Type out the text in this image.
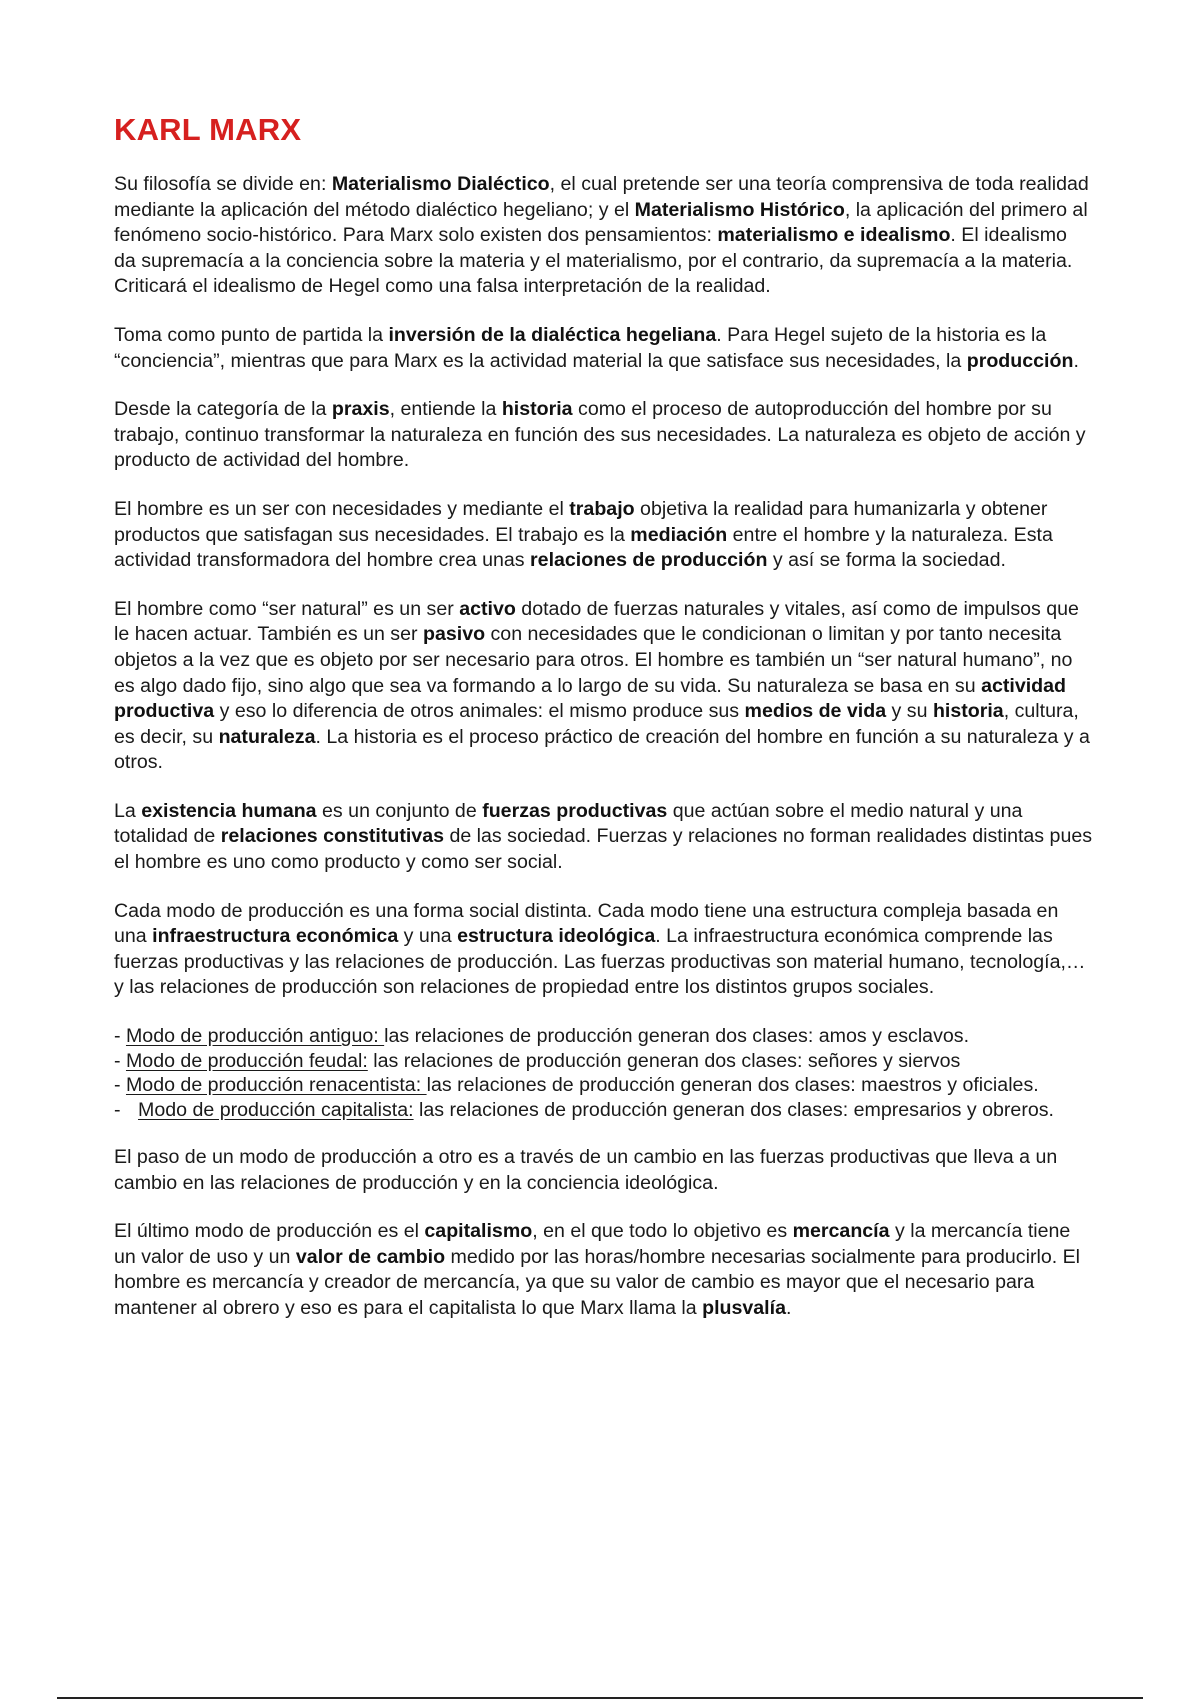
KARL MARX

Su filosofía se divide en: Materialismo Dialéctico, el cual pretende ser una teoría comprensiva de toda realidad mediante la aplicación del método dialéctico hegeliano; y el Materialismo Histórico, la aplicación del primero al fenómeno socio-histórico. Para Marx solo existen dos pensamientos: materialismo e idealismo. El idealismo da supremacía a la conciencia sobre la materia y el materialismo, por el contrario, da supremacía a la materia. Criticará el idealismo de Hegel como una falsa interpretación de la realidad.

Toma como punto de partida la inversión de la dialéctica hegeliana. Para Hegel sujeto de la historia es la “conciencia”, mientras que para Marx es la actividad material la que satisface sus necesidades, la producción.

Desde la categoría de la praxis, entiende la historia como el proceso de autoproducción del hombre por su trabajo, continuo transformar la naturaleza en función des sus necesidades. La naturaleza es objeto de acción y producto de actividad del hombre.

El hombre es un ser con necesidades y mediante el trabajo objetiva la realidad para humanizarla y obtener productos que satisfagan sus necesidades. El trabajo es la mediación entre el hombre y la naturaleza. Esta actividad transformadora del hombre crea unas relaciones de producción y así se forma la sociedad.

El hombre como “ser natural” es un ser activo dotado de fuerzas naturales y vitales, así como de impulsos que le hacen actuar. También es un ser pasivo con necesidades que le condicionan o limitan y por tanto necesita objetos a la vez que es objeto por ser necesario para otros. El hombre es también un “ser natural humano”, no es algo dado fijo, sino algo que sea va formando a lo largo de su vida. Su naturaleza se basa en su actividad productiva y eso lo diferencia de otros animales: el mismo produce sus medios de vida y su historia, cultura, es decir, su naturaleza. La historia es el proceso práctico de creación del hombre en función a su naturaleza y a otros.

La existencia humana es un conjunto de fuerzas productivas que actúan sobre el medio natural y una totalidad de relaciones constitutivas de las sociedad. Fuerzas y relaciones no forman realidades distintas pues el hombre es uno como producto y como ser social.

Cada modo de producción es una forma social distinta. Cada modo tiene una estructura compleja basada en una infraestructura económica y una estructura ideológica. La infraestructura económica comprende las fuerzas productivas y las relaciones de producción. Las fuerzas productivas son material humano, tecnología,… y las relaciones de producción son relaciones de propiedad entre los distintos grupos sociales.

- Modo de producción antiguo: las relaciones de producción generan dos clases: amos y esclavos.
- Modo de producción feudal: las relaciones de producción generan dos clases: señores y siervos
- Modo de producción renacentista: las relaciones de producción generan dos clases: maestros y oficiales.
- Modo de producción capitalista: las relaciones de producción generan dos clases: empresarios y obreros.

El paso de un modo de producción a otro es a través de un cambio en las fuerzas productivas que lleva a un cambio en las relaciones de producción y en la conciencia ideológica.

El último modo de producción es el capitalismo, en el que todo lo objetivo es mercancía y la mercancía tiene un valor de uso y un valor de cambio medido por las horas/hombre necesarias socialmente para producirlo. El hombre es mercancía y creador de mercancía, ya que su valor de cambio es mayor que el necesario para mantener al obrero y eso es para el capitalista lo que Marx llama la plusvalía.
